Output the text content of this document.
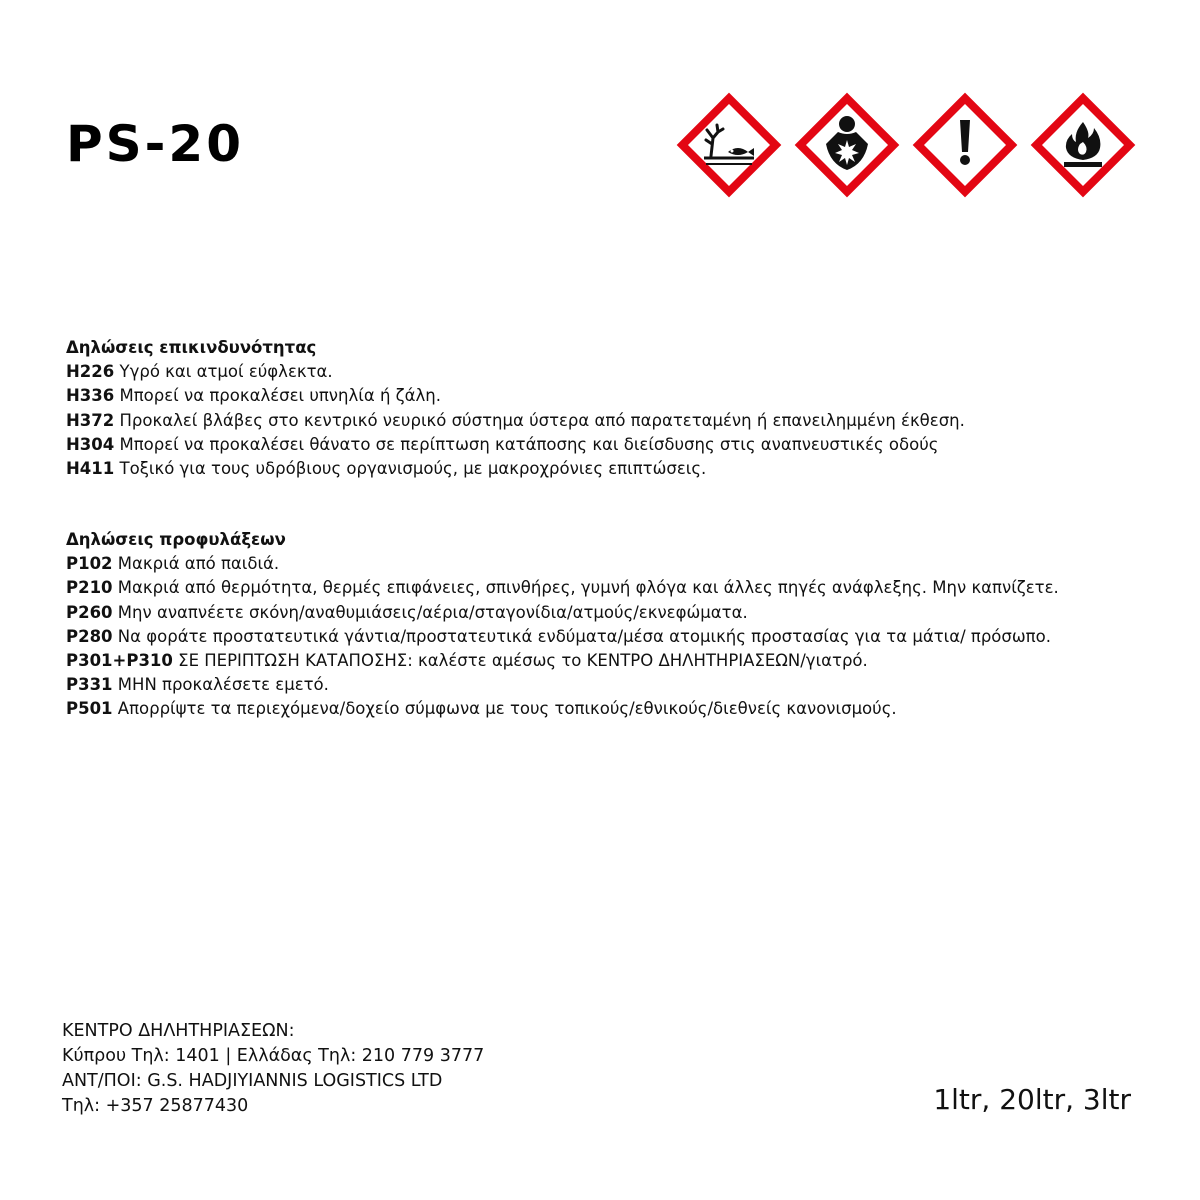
PS-20
Δηλώσεις επικινδυνότητας
H226 Υγρό και ατμοί εύφλεκτα.
H336 Μπορεί να προκαλέσει υπνηλία ή ζάλη.
H372 Προκαλεί βλάβες στο κεντρικό νευρικό σύστημα ύστερα από παρατεταμένη ή επανειλημμένη έκθεση.
H304 Μπορεί να προκαλέσει θάνατο σε περίπτωση κατάποσης και διείσδυσης στις αναπνευστικές οδούς
H411 Τοξικό για τους υδρόβιους οργανισμούς, με μακροχρόνιες επιπτώσεις.
Δηλώσεις προφυλάξεων
P102 Μακριά από παιδιά.
P210 Μακριά από θερμότητα, θερμές επιφάνειες, σπινθήρες, γυμνή φλόγα και άλλες πηγές ανάφλεξης. Μην καπνίζετε.
P260 Μην αναπνέετε σκόνη/αναθυμιάσεις/αέρια/σταγονίδια/ατμούς/εκνεφώματα.
P280 Να φοράτε προστατευτικά γάντια/προστατευτικά ενδύματα/μέσα ατομικής προστασίας για τα μάτια/ πρόσωπο.
P301+P310 ΣΕ ΠΕΡΙΠΤΩΣΗ ΚΑΤΑΠΟΣΗΣ: καλέστε αμέσως το ΚΕΝΤΡΟ ΔΗΛΗΤΗΡΙΑΣΕΩΝ/γιατρό.
P331 ΜΗΝ προκαλέσετε εμετό.
P501 Απορρίψτε τα περιεχόμενα/δοχείο σύμφωνα με τους τοπικούς/εθνικούς/διεθνείς κανονισμούς.
ΚΕΝΤΡΟ ΔΗΛΗΤΗΡΙΑΣΕΩΝ:
Κύπρου Τηλ: 1401 | Ελλάδας Τηλ: 210 779 3777
ΑΝΤ/ΠΟΙ: G.S. HADJIYIANNIS LOGISTICS LTD
Τηλ: +357 25877430	1ltr, 20ltr, 3ltr
